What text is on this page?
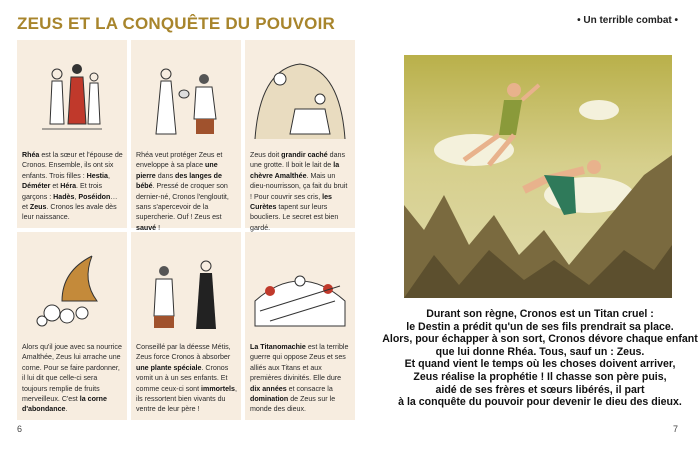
ZEUS ET LA CONQUÊTE DU POUVOIR	• Un terrible combat •
Rhéa est la sœur et l'épouse de Cronos. Ensemble, ils ont six enfants. Trois filles : Hestia, Déméter et Héra. Et trois garçons : Hadès, Poséidon… et Zeus. Cronos les avale dès leur naissance.
Rhéa veut protéger Zeus et enveloppe à sa place une pierre dans des langes de bébé. Pressé de croquer son dernier-né, Cronos l'engloutit, sans s'apercevoir de la supercherie. Ouf ! Zeus est sauvé !
Zeus doit grandir caché dans une grotte. Il boit le lait de la chèvre Amalthée. Mais un dieu-nourrisson, ça fait du bruit ! Pour couvrir ses cris, les Curètes tapent sur leurs boucliers. Le secret est bien gardé.
Alors qu'il joue avec sa nourrice Amalthée, Zeus lui arrache une corne. Pour se faire pardonner, il lui dit que celle-ci sera toujours remplie de fruits merveilleux. C'est la corne d'abondance.
Conseillé par la déesse Métis, Zeus force Cronos à absorber une plante spéciale. Cronos vomit un à un ses enfants. Et comme ceux-ci sont immortels, ils ressortent bien vivants du ventre de leur père !
La Titanomachie est la terrible guerre qui oppose Zeus et ses alliés aux Titans et aux premières divinités. Elle dure dix années et consacre la domination de Zeus sur le monde des dieux.
Durant son règne, Cronos est un Titan cruel :
le Destin a prédit qu'un de ses fils prendrait sa place.
Alors, pour échapper à son sort, Cronos dévore chaque enfant
que lui donne Rhéa. Tous, sauf un : Zeus.
Et quand vient le temps où les choses doivent arriver,
Zeus réalise la prophétie ! Il chasse son père puis,
aidé de ses frères et sœurs libérés, il part
à la conquête du pouvoir pour devenir le dieu des dieux.
6	7
